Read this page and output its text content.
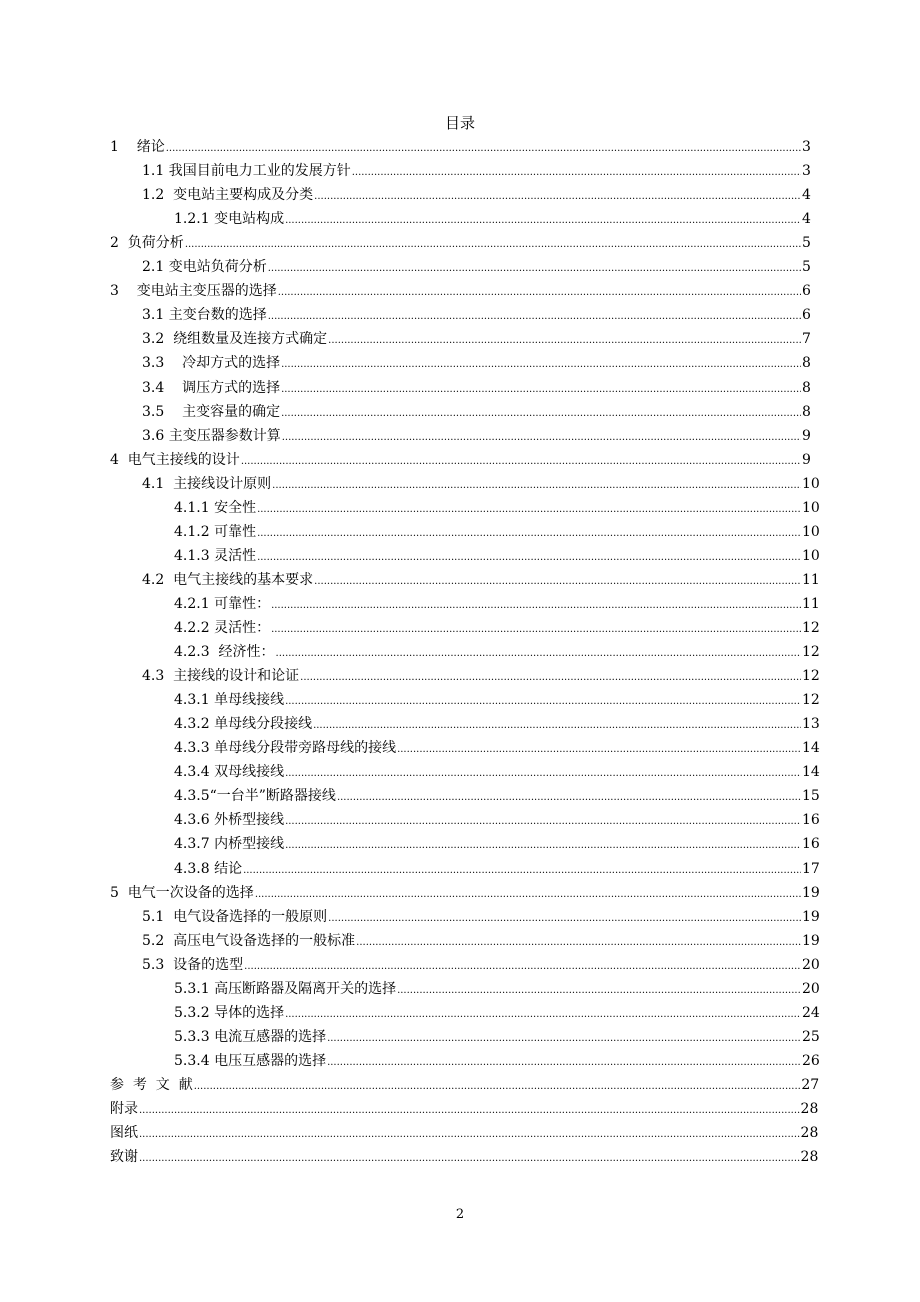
目录
1    绪论 .....	3
1.1 我国目前电力工业的发展方针 .....	3
1.2  变电站主要构成及分类 .....	4
1.2.1 变电站构成 .....	4
2  负荷分析 .....	5
2.1 变电站负荷分析 .....	5
3    变电站主变压器的选择 .....	6
3.1 主变台数的选择 .....	6
3.2  绕组数量及连接方式确定 .....	7
3.3    冷却方式的选择 .....	8
3.4    调压方式的选择 .....	8
3.5    主变容量的确定 .....	8
3.6 主变压器参数计算 .....	9
4  电气主接线的设计 .....	9
4.1  主接线设计原则 .....	10
4.1.1 安全性 .....	10
4.1.2 可靠性 .....	10
4.1.3 灵活性 .....	10
4.2  电气主接线的基本要求 .....	11
4.2.1 可靠性： .....	11
4.2.2 灵活性： .....	12
4.2.3  经济性： .....	12
4.3  主接线的设计和论证 .....	12
4.3.1 单母线接线 .....	12
4.3.2 单母线分段接线 .....	13
4.3.3 单母线分段带旁路母线的接线 .....	14
4.3.4 双母线接线 .....	14
4.3.5“一台半”断路器接线 .....	15
4.3.6 外桥型接线 .....	16
4.3.7 内桥型接线 .....	16
4.3.8 结论 .....	17
5  电气一次设备的选择 .....	19
5.1  电气设备选择的一般原则 .....	19
5.2  高压电气设备选择的一般标准 .....	19
5.3  设备的选型 .....	20
5.3.1 高压断路器及隔离开关的选择 .....	20
5.3.2 导体的选择 .....	24
5.3.3 电流互感器的选择 .....	25
5.3.4 电压互感器的选择 .....	26
参  考  文  献 .....	27
附录 .....	28
图纸 .....	28
致谢 .....	28
2
